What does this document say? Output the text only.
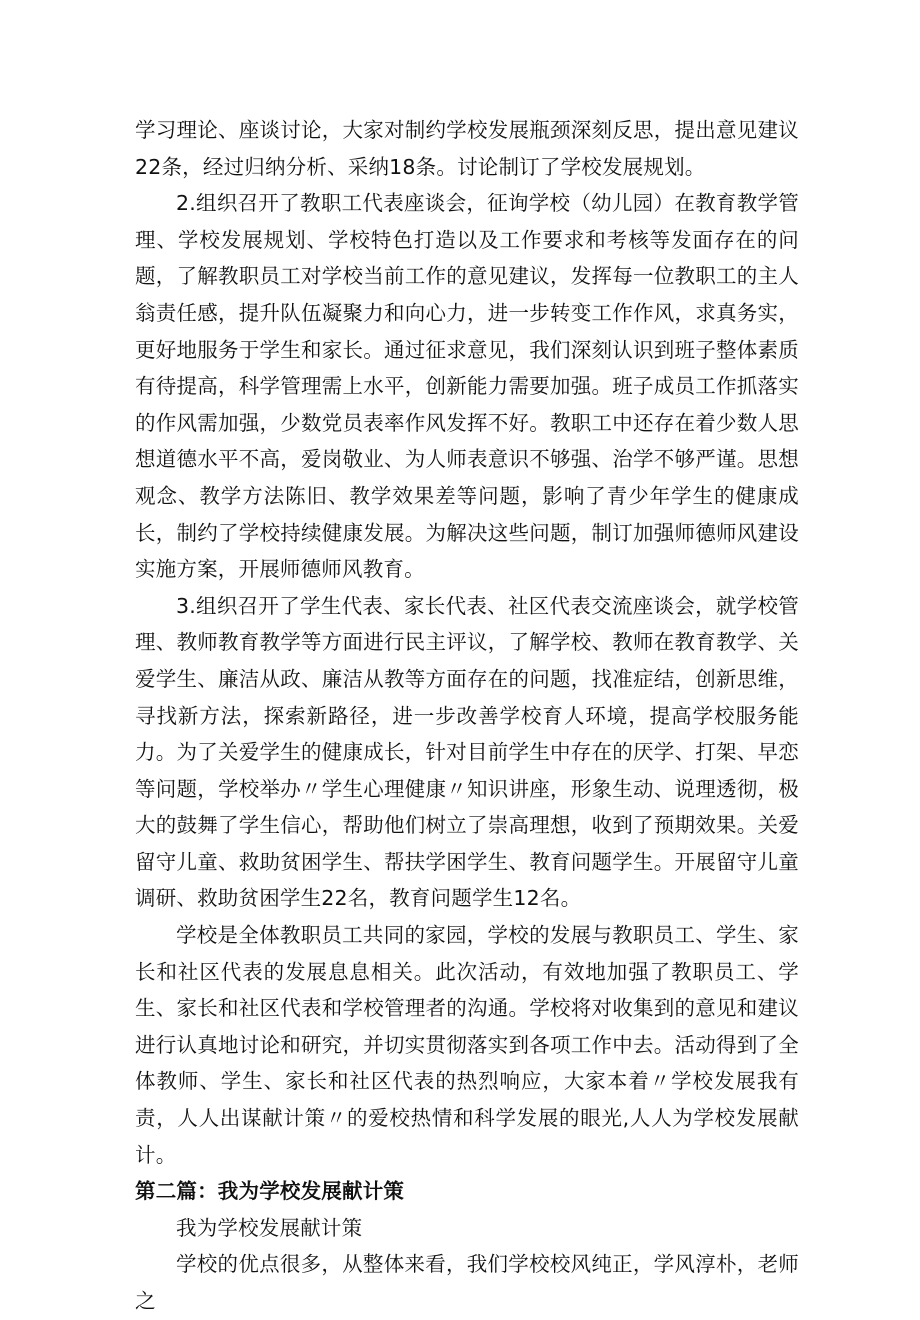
学习理论、座谈讨论，大家对制约学校发展瓶颈深刻反思，提出意见建议22条，经过归纳分析、采纳18条。讨论制订了学校发展规划。

2.组织召开了教职工代表座谈会，征询学校（幼儿园）在教育教学管理、学校发展规划、学校特色打造以及工作要求和考核等发面存在的问题，了解教职员工对学校当前工作的意见建议，发挥每一位教职工的主人翁责任感，提升队伍凝聚力和向心力，进一步转变工作作风，求真务实，更好地服务于学生和家长。通过征求意见，我们深刻认识到班子整体素质有待提高，科学管理需上水平，创新能力需要加强。班子成员工作抓落实的作风需加强，少数党员表率作风发挥不好。教职工中还存在着少数人思想道德水平不高，爱岗敬业、为人师表意识不够强、治学不够严谨。思想观念、教学方法陈旧、教学效果差等问题，影响了青少年学生的健康成长，制约了学校持续健康发展。为解决这些问题，制订加强师德师风建设实施方案，开展师德师风教育。

3.组织召开了学生代表、家长代表、社区代表交流座谈会，就学校管理、教师教育教学等方面进行民主评议，了解学校、教师在教育教学、关爱学生、廉洁从政、廉洁从教等方面存在的问题，找准症结，创新思维，寻找新方法，探索新路径，进一步改善学校育人环境，提高学校服务能力。为了关爱学生的健康成长，针对目前学生中存在的厌学、打架、早恋等问题，学校举办〃学生心理健康〃知识讲座，形象生动、说理透彻，极大的鼓舞了学生信心，帮助他们树立了崇高理想，收到了预期效果。关爱留守儿童、救助贫困学生、帮扶学困学生、教育问题学生。开展留守儿童调研、救助贫困学生22名，教育问题学生12名。

学校是全体教职员工共同的家园，学校的发展与教职员工、学生、家长和社区代表的发展息息相关。此次活动，有效地加强了教职员工、学生、家长和社区代表和学校管理者的沟通。学校将对收集到的意见和建议进行认真地讨论和研究，并切实贯彻落实到各项工作中去。活动得到了全体教师、学生、家长和社区代表的热烈响应，大家本着〃学校发展我有责，人人出谋献计策〃的爱校热情和科学发展的眼光,人人为学校发展献计。

第二篇：我为学校发展献计策

我为学校发展献计策

学校的优点很多，从整体来看，我们学校校风纯正，学风淳朴，老师之
